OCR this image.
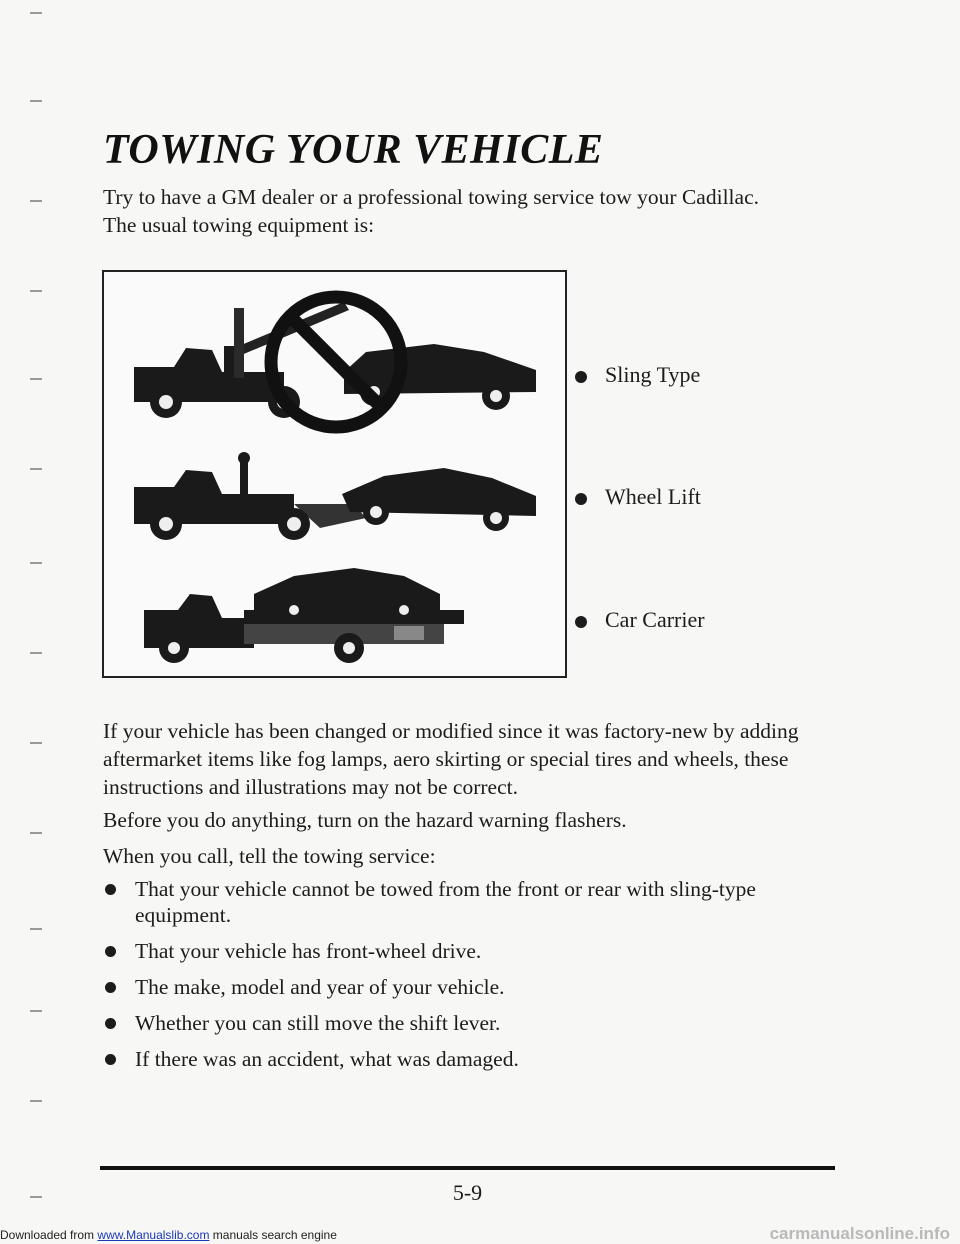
TOWING YOUR VEHICLE

Try to have a GM dealer or a professional towing service tow your Cadillac. The usual towing equipment is:

Sling Type
Wheel Lift
Car Carrier

If your vehicle has been changed or modified since it was factory-new by adding aftermarket items like fog lamps, aero skirting or special tires and wheels, these instructions and illustrations may not be correct.

Before you do anything, turn on the hazard warning flashers.

When you call, tell the towing service:

That your vehicle cannot be towed from the front or rear with sling-type equipment.
That your vehicle has front-wheel drive.
The make, model and year of your vehicle.
Whether you can still move the shift lever.
If there was an accident, what was damaged.
5-9
Downloaded from www.Manualslib.com manuals search engine	carmanualsonline.info
